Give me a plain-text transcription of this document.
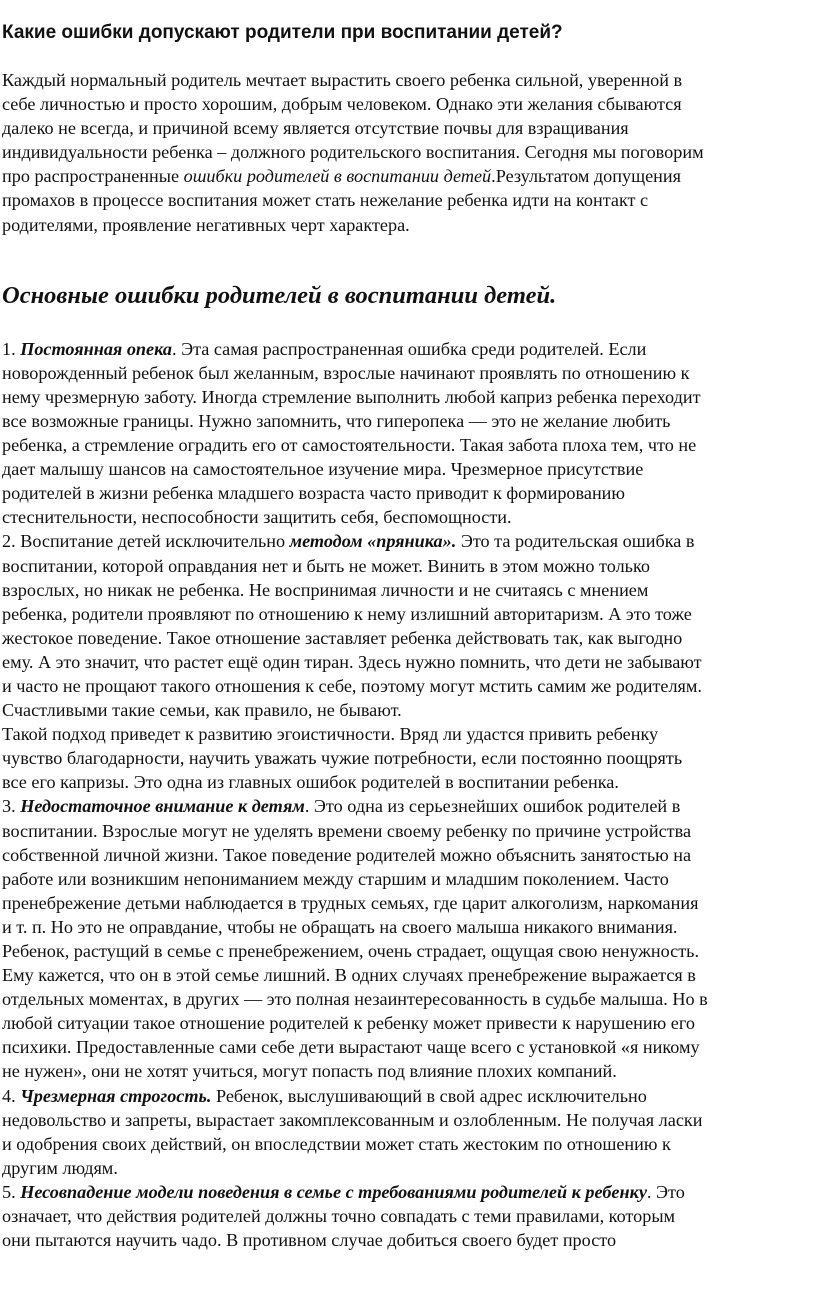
Какие ошибки допускают родители при воспитании детей?
Каждый нормальный родитель мечтает вырастить своего ребенка сильной, уверенной в
себе личностью и просто хорошим, добрым человеком. Однако эти желания сбываются
далеко не всегда, и причиной всему является отсутствие почвы для взращивания
индивидуальности ребенка – должного родительского воспитания. Сегодня мы поговорим
про распространенные ошибки родителей в воспитании детей.Результатом допущения
промахов в процессе воспитания может стать нежелание ребенка идти на контакт с
родителями, проявление негативных черт характера.
Основные ошибки родителей в воспитании детей.
1. Постоянная опека. Эта самая распространенная ошибка среди родителей. Если
новорожденный ребенок был желанным, взрослые начинают проявлять по отношению к
нему чрезмерную заботу. Иногда стремление выполнить любой каприз ребенка переходит
все возможные границы. Нужно запомнить, что гиперопека — это не желание любить
ребенка, а стремление оградить его от самостоятельности. Такая забота плоха тем, что не
дает малышу шансов на самостоятельное изучение мира. Чрезмерное присутствие
родителей в жизни ребенка младшего возраста часто приводит к формированию
стеснительности, неспособности защитить себя, беспомощности.
2. Воспитание детей исключительно методом «пряника». Это та родительская ошибка в
воспитании, которой оправдания нет и быть не может. Винить в этом можно только
взрослых, но никак не ребенка. Не воспринимая личности и не считаясь с мнением
ребенка, родители проявляют по отношению к нему излишний авторитаризм. А это тоже
жестокое поведение. Такое отношение заставляет ребенка действовать так, как выгодно
ему. А это значит, что растет ещё один тиран. Здесь нужно помнить, что дети не забывают
и часто не прощают такого отношения к себе, поэтому могут мстить самим же родителям.
Счастливыми такие семьи, как правило, не бывают.
Такой подход приведет к развитию эгоистичности. Вряд ли удастся привить ребенку
чувство благодарности, научить уважать чужие потребности, если постоянно поощрять
все его капризы. Это одна из главных ошибок родителей в воспитании ребенка.
3. Недостаточное внимание к детям. Это одна из серьезнейших ошибок родителей в
воспитании. Взрослые могут не уделять времени своему ребенку по причине устройства
собственной личной жизни. Такое поведение родителей можно объяснить занятостью на
работе или возникшим непониманием между старшим и младшим поколением. Часто
пренебрежение детьми наблюдается в трудных семьях, где царит алкоголизм, наркомания
и т. п. Но это не оправдание, чтобы не обращать на своего малыша никакого внимания.
Ребенок, растущий в семье с пренебрежением, очень страдает, ощущая свою ненужность.
Ему кажется, что он в этой семье лишний. В одних случаях пренебрежение выражается в
отдельных моментах, в других — это полная незаинтересованность в судьбе малыша. Но в
любой ситуации такое отношение родителей к ребенку может привести к нарушению его
психики. Предоставленные сами себе дети вырастают чаще всего с установкой «я никому
не нужен», они не хотят учиться, могут попасть под влияние плохих компаний.
4. Чрезмерная строгость. Ребенок, выслушивающий в свой адрес исключительно
недовольство и запреты, вырастает закомплексованным и озлобленным. Не получая ласки
и одобрения своих действий, он впоследствии может стать жестоким по отношению к
другим людям.
5. Несовпадение модели поведения в семье с требованиями родителей к ребенку. Это
означает, что действия родителей должны точно совпадать с теми правилами, которым
они пытаются научить чадо. В противном случае добиться своего будет просто
